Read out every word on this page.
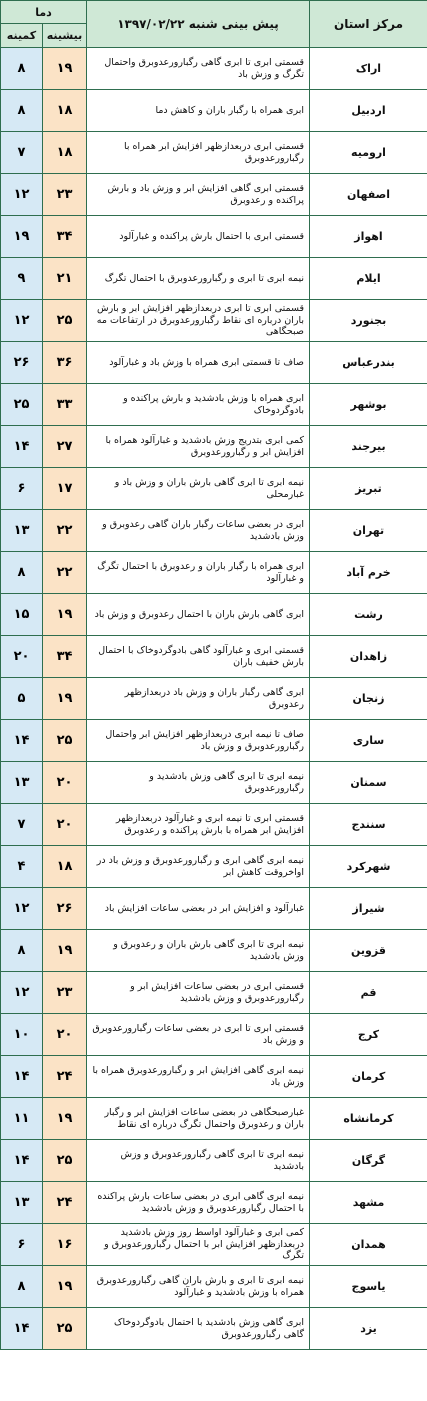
دما		پیش بینی شنبه ۱۳۹۷/۰۲/۲۲	مرکز استان

کمینه	بیشینه		

۸	۱۹	قسمتی ابری تا ابری گاهی رگبارورعدوبرق واحتمال تگرگ و وزش باد	اراک

۸	۱۸	ابری همراه با رگبار باران و کاهش دما	اردبیل

۷	۱۸	قسمتی ابری دربعدازظهر افزایش ابر همراه با رگبارورعدوبرق	ارومیه

۱۲	۲۳	قسمتی ابری گاهی افزایش ابر و وزش باد و بارش پراکنده و رعدوبرق	اصفهان

۱۹	۳۴	قسمتی ابری با احتمال بارش پراکنده و غبارآلود	اهواز

۹	۲۱	نیمه ابری تا ابری و رگبارورعدوبرق با احتمال تگرگ	ایلام

۱۲	۲۵	قسمتی ابری تا ابری دربعدازظهر افزایش ابر و بارش باران درباره ای نقاط رگبارورعدوبرق در ارتفاعات مه صبحگاهی	بجنورد

۲۶	۳۶	صاف تا قسمتی ابری همراه با وزش باد و غبارآلود	بندرعباس

۲۵	۳۳	ابری همراه با وزش بادشدید و بارش پراکنده و بادوگردوخاک	بوشهر

۱۴	۲۷	کمی ابری بتدریج وزش بادشدید و غبارآلود همراه با افزایش ابر و رگبارورعدوبرق	بیرجند

۶	۱۷	نیمه ابری تا ابری گاهی بارش باران و وزش باد و غبارمحلی	تبریز

۱۳	۲۲	ابری در بعضی ساعات رگبار باران گاهی رعدوبرق و وزش بادشدید	تهران

۸	۲۲	ابری همراه با رگبار باران و رعدوبرق با احتمال تگرگ و غبارآلود	خرم آباد

۱۵	۱۹	ابری گاهی بارش باران با احتمال رعدوبرق و وزش باد	رشت

۲۰	۳۴	قسمتی ابری و غبارآلود گاهی بادوگردوخاک با احتمال بارش خفیف باران	زاهدان

۵	۱۹	ابری گاهی رگبار باران و وزش باد دربعدازظهر رعدوبرق	زنجان

۱۴	۲۵	صاف تا نیمه ابری دربعدازظهر افزایش ابر واحتمال رگبارورعدوبرق و وزش باد	ساری

۱۳	۲۰	نیمه ابری تا ابری گاهی وزش بادشدید و رگبارورعدوبرق	سمنان

۷	۲۰	قسمتی ابری تا نیمه ابری و غبارآلود دربعدازظهر افزایش ابر همراه با بارش پراکنده و رعدوبرق	سنندج

۴	۱۸	نیمه ابری گاهی ابری و رگبارورعدوبرق و وزش باد در اواخروقت کاهش ابر	شهرکرد

۱۲	۲۶	غبارآلود و افزایش ابر در بعضی ساعات افزایش باد	شیراز

۸	۱۹	نیمه ابری تا ابری گاهی بارش باران و رعدوبرق و وزش بادشدید	قزوین

۱۲	۲۳	قسمتی ابری در بعضی ساعات افزایش ابر و رگبارورعدوبرق و وزش بادشدید	قم

۱۰	۲۰	قسمتی ابری تا ابری در بعضی ساعات رگبارورعدوبرق و وزش باد	کرج

۱۴	۲۴	نیمه ابری گاهی افزایش ابر و رگبارورعدوبرق همراه با وزش باد	کرمان

۱۱	۱۹	غبارصبحگاهی در بعضی ساعات افزایش ابر و رگبار باران و رعدوبرق واحتمال تگرگ درباره ای نقاط	کرمانشاه

۱۴	۲۵	نیمه ابری تا ابری گاهی رگبارورعدوبرق و وزش بادشدید	گرگان

۱۳	۲۴	نیمه ابری گاهی ابری در بعضی ساعات بارش پراکنده با احتمال رگبارورعدوبرق و وزش بادشدید	مشهد

۶	۱۶	کمی ابری و غبارآلود اواسط روز وزش بادشدید دربعدازظهر افزایش ابر با احتمال رگبارورعدوبرق و تگرگ	همدان

۸	۱۹	نیمه ابری تا ابری و بارش باران گاهی رگبارورعدوبرق همراه با وزش بادشدید و غبارآلود	یاسوج

۱۴	۲۵	ابری گاهی وزش بادشدید با احتمال بادوگردوخاک گاهی رگبارورعدوبرق	یزد
